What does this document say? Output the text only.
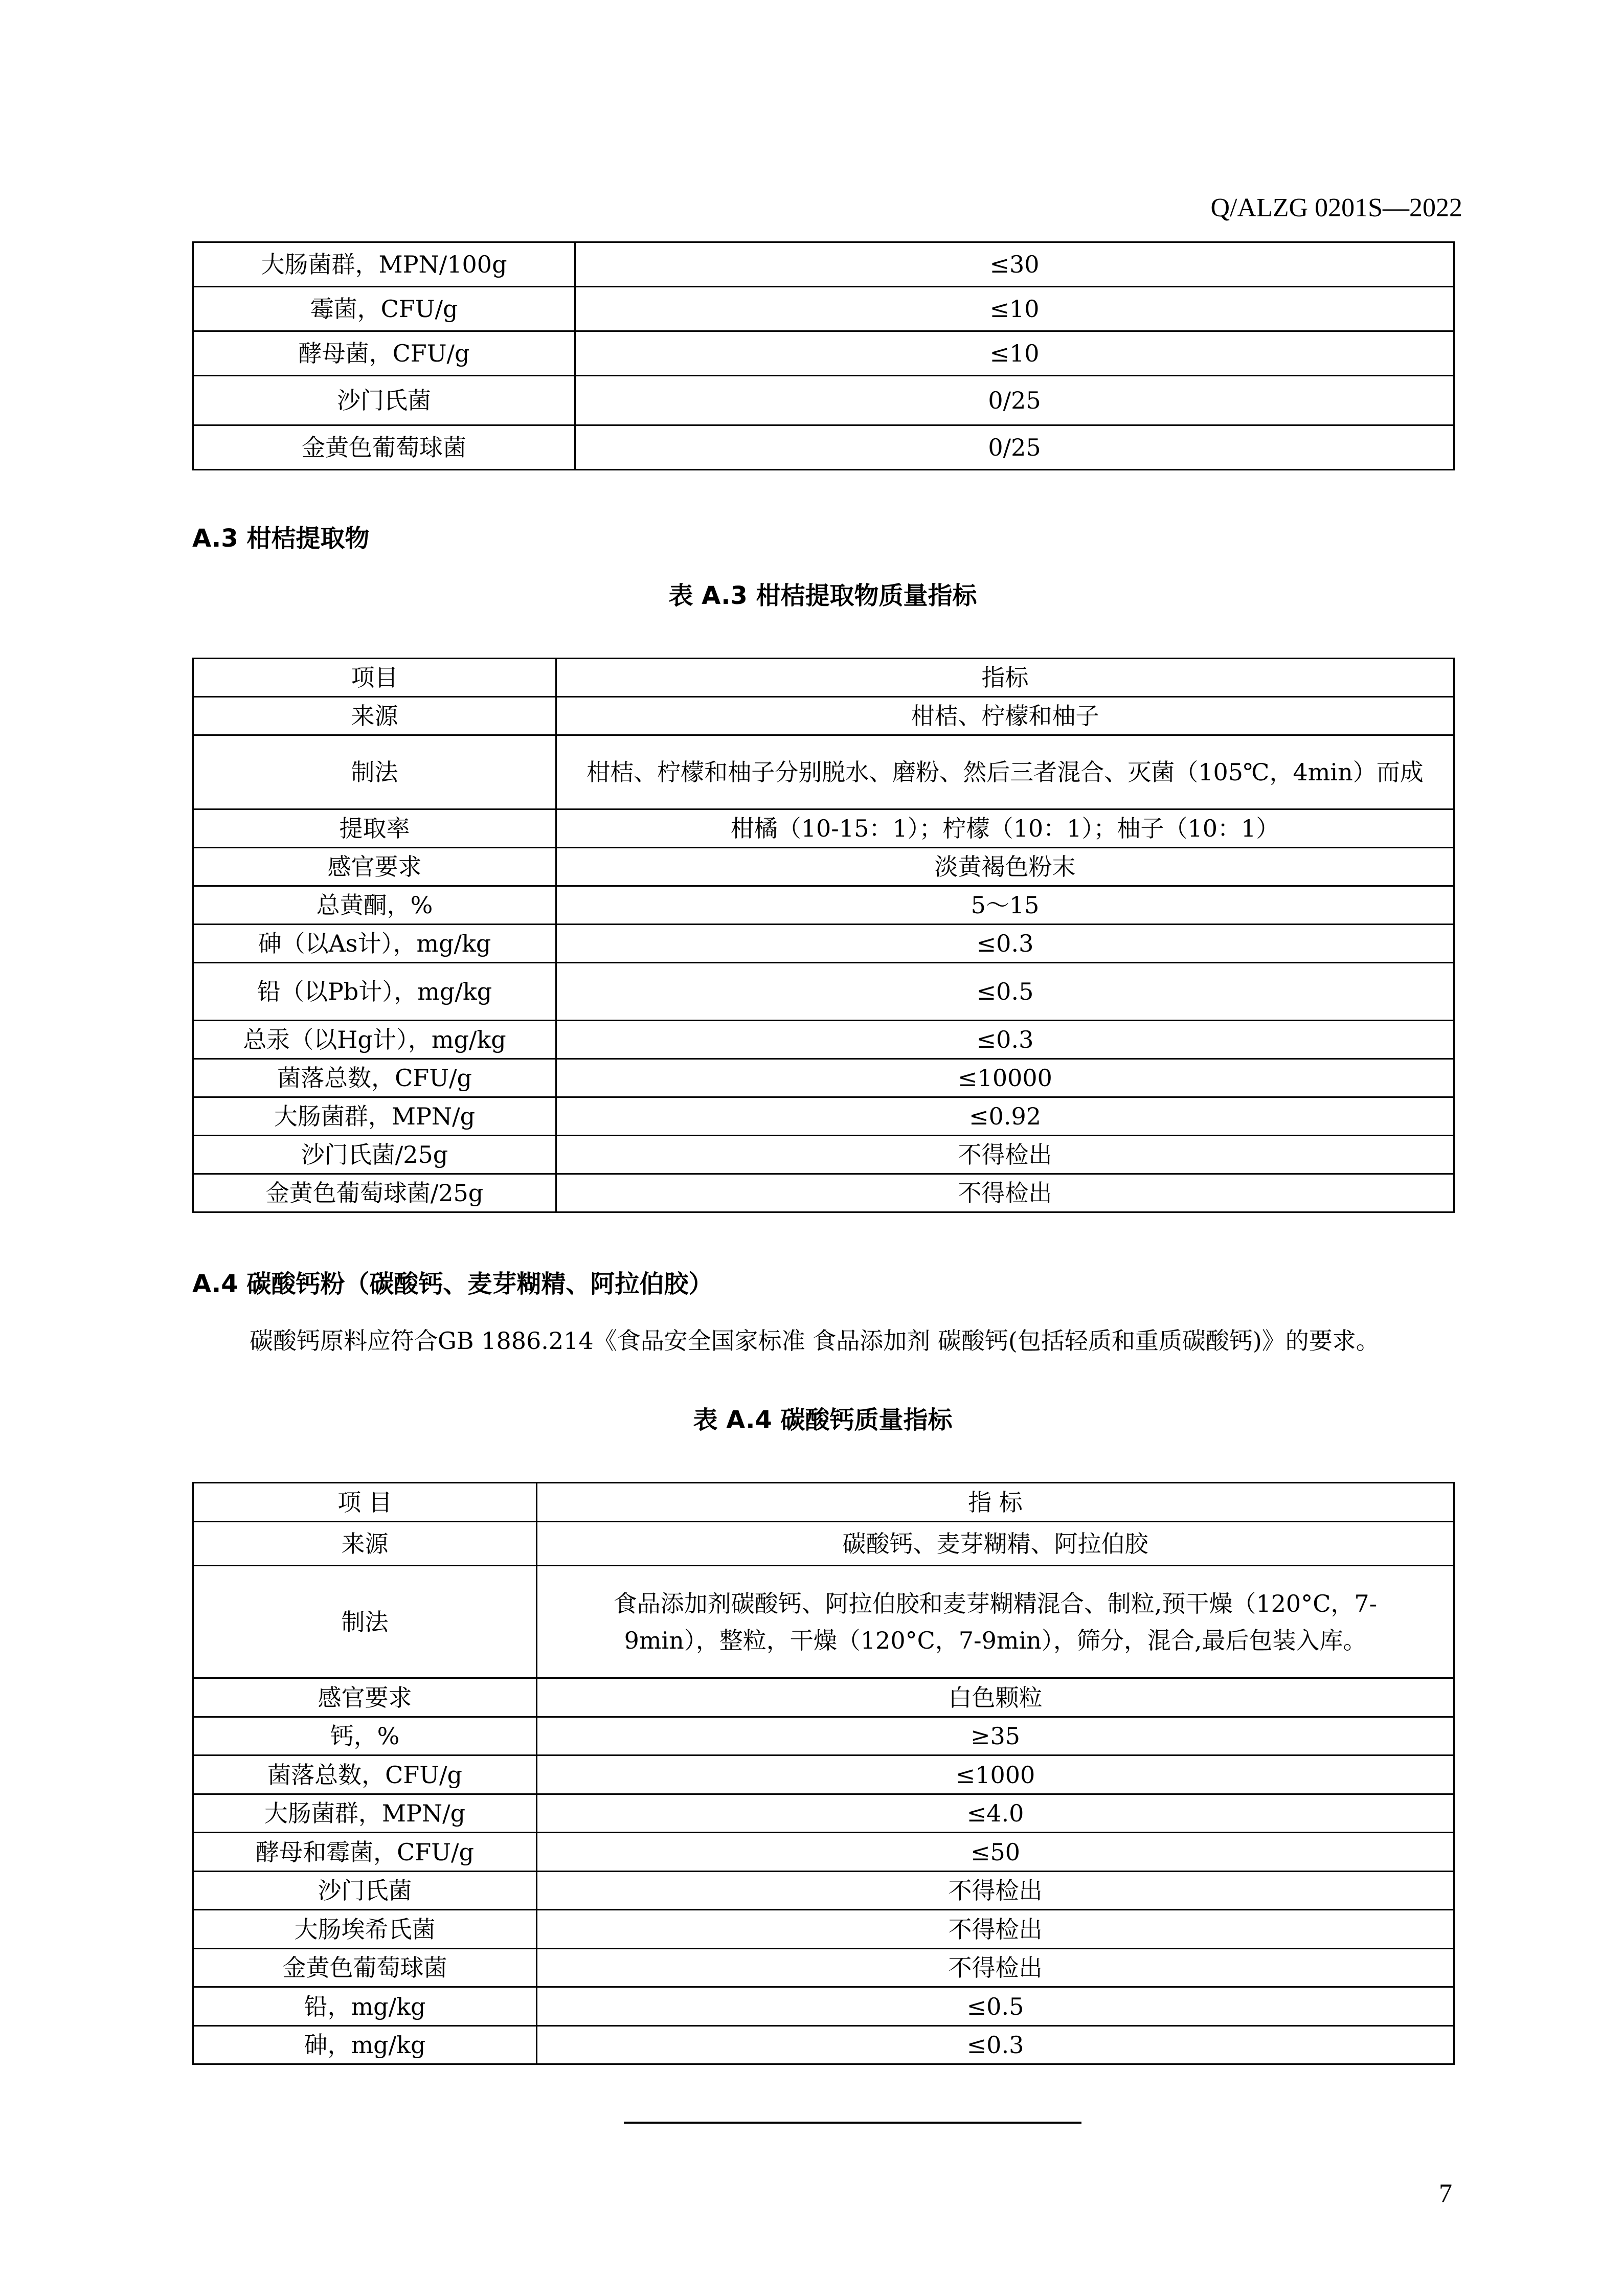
Q/ALZG 0201S—2022
大肠菌群，MPN/100g	≤30
霉菌，CFU/g	≤10
酵母菌，CFU/g	≤10
沙门氏菌	0/25
金黄色葡萄球菌	0/25
A.3 柑桔提取物
表 A.3 柑桔提取物质量指标
项目	指标
来源	柑桔、柠檬和柚子
制法	柑桔、柠檬和柚子分别脱水、磨粉、然后三者混合、灭菌（105℃，4min）而成
提取率	柑橘（10-15：1）；柠檬（10：1）；柚子（10：1）
感官要求	淡黄褐色粉末
总黄酮，%	5～15
砷（以As计），mg/kg	≤0.3
铅（以Pb计），mg/kg	≤0.5
总汞（以Hg计），mg/kg	≤0.3
菌落总数，CFU/g	≤10000
大肠菌群，MPN/g	≤0.92
沙门氏菌/25g	不得检出
金黄色葡萄球菌/25g	不得检出
A.4 碳酸钙粉（碳酸钙、麦芽糊精、阿拉伯胶）
碳酸钙原料应符合GB 1886.214《食品安全国家标准 食品添加剂 碳酸钙(包括轻质和重质碳酸钙)》的要求。
表 A.4 碳酸钙质量指标
项 目	指 标
来源	碳酸钙、麦芽糊精、阿拉伯胶
制法	食品添加剂碳酸钙、阿拉伯胶和麦芽糊精混合、制粒,预干燥（120°C，7-9min），整粒，干燥（120°C，7-9min），筛分，混合,最后包装入库。
感官要求	白色颗粒
钙，%	≥35
菌落总数，CFU/g	≤1000
大肠菌群，MPN/g	≤4.0
酵母和霉菌，CFU/g	≤50
沙门氏菌	不得检出
大肠埃希氏菌	不得检出
金黄色葡萄球菌	不得检出
铅，mg/kg	≤0.5
砷，mg/kg	≤0.3
7
